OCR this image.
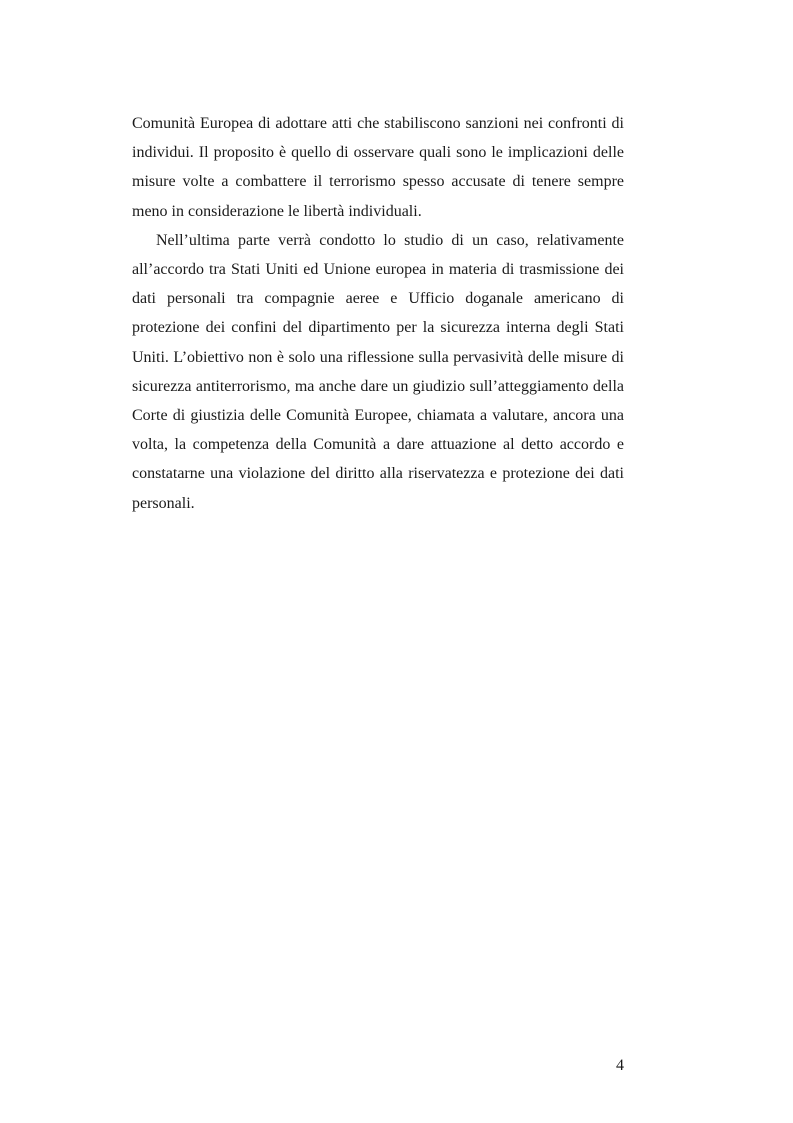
Comunità Europea di adottare atti che stabiliscono sanzioni nei confronti di individui. Il proposito è quello di osservare quali sono le implicazioni delle misure volte a combattere il terrorismo spesso accusate di tenere sempre meno in considerazione le libertà individuali.

Nell’ultima parte verrà condotto lo studio di un caso, relativamente all’accordo tra Stati Uniti ed Unione europea in materia di trasmissione dei dati personali tra compagnie aeree e Ufficio doganale americano di protezione dei confini del dipartimento per la sicurezza interna degli Stati Uniti. L’obiettivo non è solo una riflessione sulla pervasività delle misure di sicurezza antiterrorismo, ma anche dare un giudizio sull’atteggiamento della Corte di giustizia delle Comunità Europee, chiamata a valutare, ancora una volta, la competenza della Comunità a dare attuazione al detto accordo e constatarne una violazione del diritto alla riservatezza e protezione dei dati personali.

4
